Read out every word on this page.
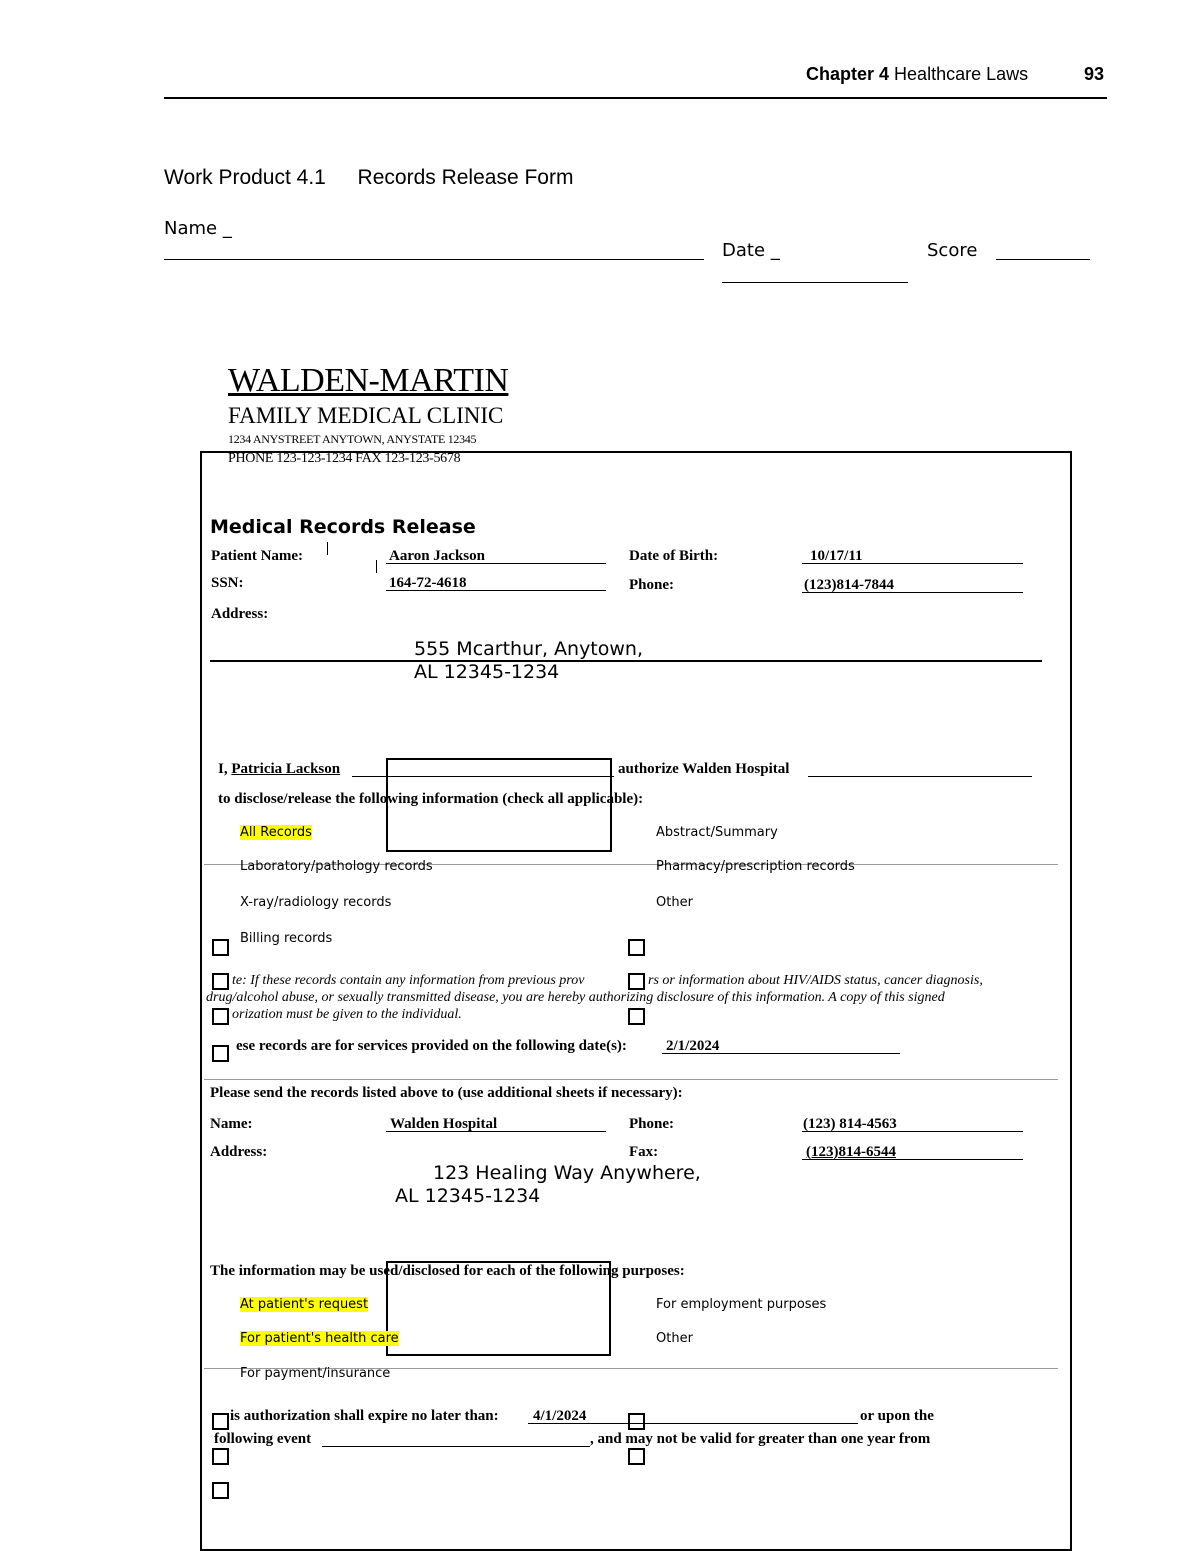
Chapter 4 Healthcare Laws	93
Work Product 4.1 Records Release Form
Name _
Date _	Score
WALDEN-MARTIN
FAMILY MEDICAL CLINIC
1234 ANYSTREET ANYTOWN, ANYSTATE 12345
PHONE 123-123-1234 FAX 123-123-5678
Medical Records Release
Patient Name:	Aaron Jackson	Date of Birth:	10/17/11
SSN:	164-72-4618	Phone:	(123)814-7844
Address:
555 Mcarthur, Anytown,
AL 12345-1234
I, Patricia Lackson	authorize Walden Hospital
to disclose/release the following information (check all applicable):
All Records	Abstract/Summary
Laboratory/pathology records	Pharmacy/prescription records
X-ray/radiology records	Other
Billing records
te: If these records contain any information from previous prov	rs or information about HIV/AIDS status, cancer diagnosis,
drug/alcohol abuse, or sexually transmitted disease, you are hereby authorizing disclosure of this information. A copy of this signed
orization must be given to the individual.
ese records are for services provided on the following date(s):	2/1/2024
Please send the records listed above to (use additional sheets if necessary):
Name:	Walden Hospital	Phone:	(123) 814-4563
Address:	Fax:	(123)814-6544
123 Healing Way Anywhere,
AL 12345-1234
The information may be used/disclosed for each of the following purposes:
At patient's request	For employment purposes
For patient's health care	Other
For payment/insurance
is authorization shall expire no later than: 4/1/2024	or upon the
following event	, and may not be valid for greater than one year from
